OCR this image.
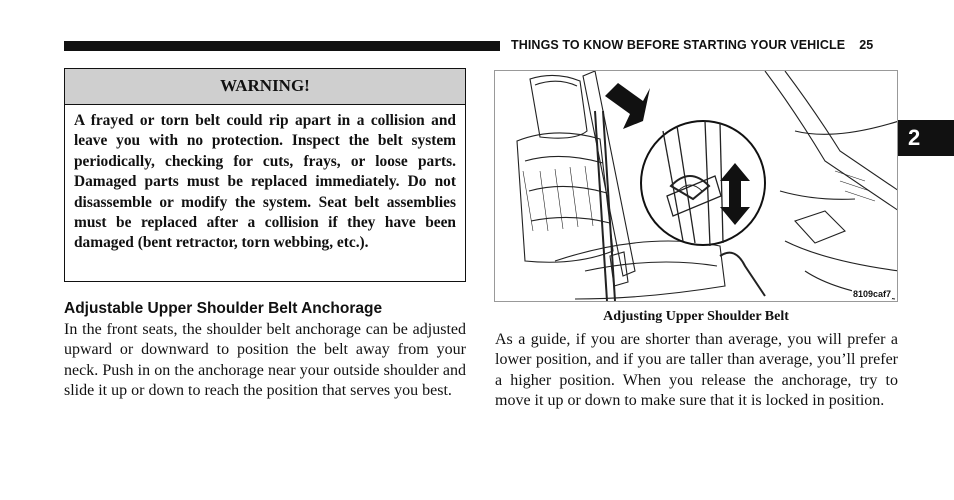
THINGS TO KNOW BEFORE STARTING YOUR VEHICLE 25
2
WARNING!
A frayed or torn belt could rip apart in a collision and leave you with no protection. Inspect the belt system periodically, checking for cuts, frays, or loose parts. Damaged parts must be replaced immediately. Do not disassemble or modify the system. Seat belt assemblies must be replaced after a collision if they have been damaged (bent retractor, torn webbing, etc.).
Adjustable Upper Shoulder Belt Anchorage
In the front seats, the shoulder belt anchorage can be adjusted upward or downward to position the belt away from your neck. Push in on the anchorage near your outside shoulder and slide it up or down to reach the position that serves you best.
8109caf7
Adjusting Upper Shoulder Belt
As a guide, if you are shorter than average, you will prefer a lower position, and if you are taller than average, you’ll prefer a higher position. When you release the anchorage, try to move it up or down to make sure that it is locked in position.
